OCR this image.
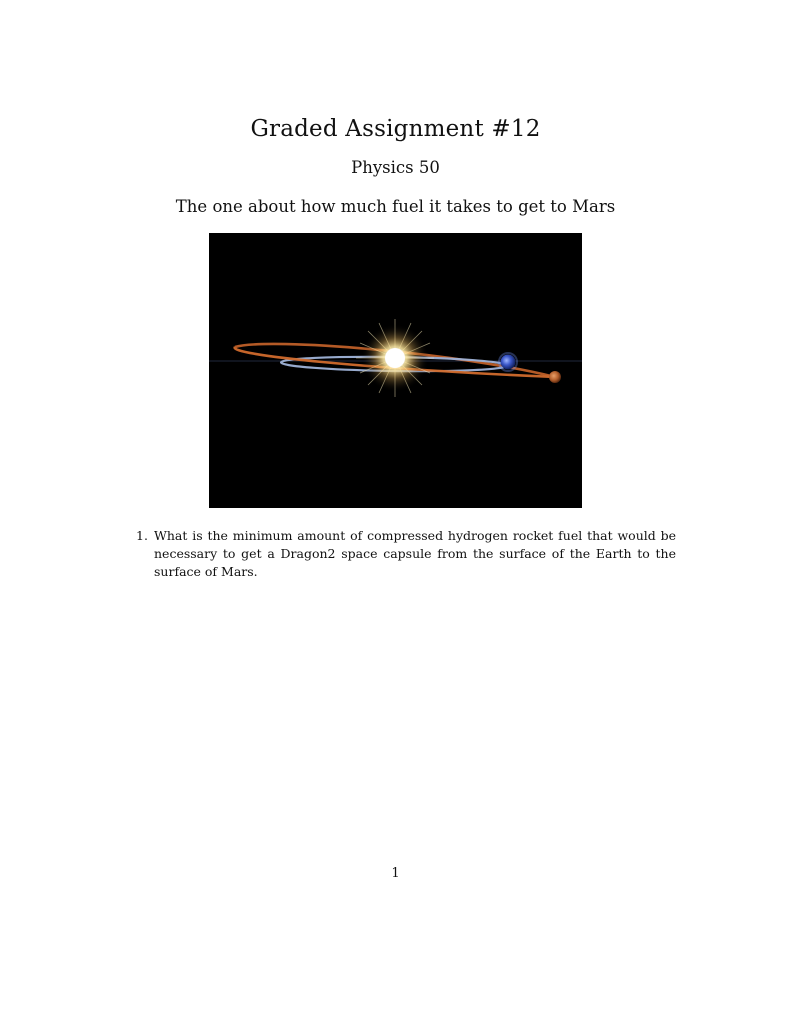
Graded Assignment #12
Physics 50
The one about how much fuel it takes to get to Mars
1. What is the minimum amount of compressed hydrogen rocket fuel that would be necessary to get a Dragon2 space capsule from the surface of the Earth to the surface of Mars.
1
